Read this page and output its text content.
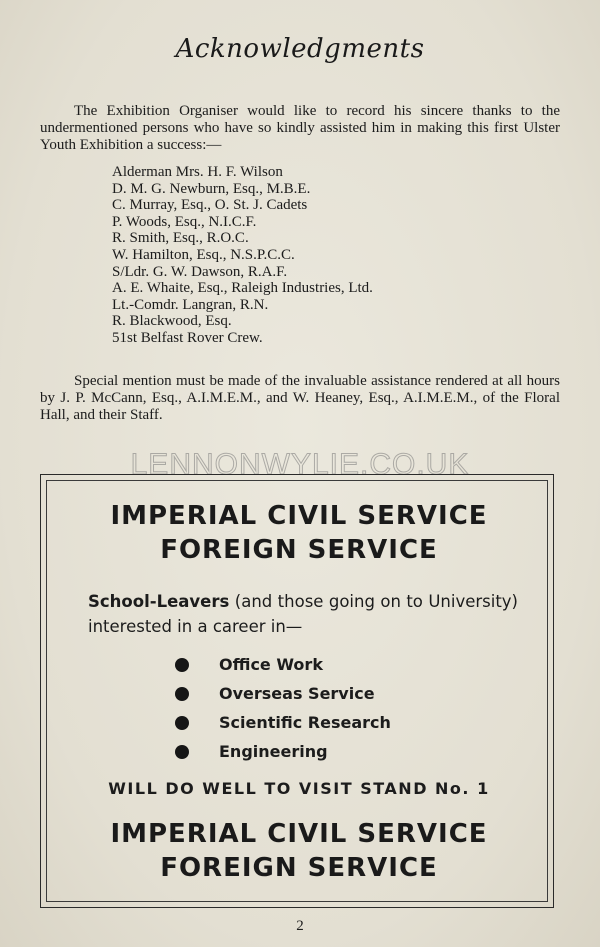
Acknowledgments

The Exhibition Organiser would like to record his sincere thanks to the undermentioned persons who have so kindly assisted him in making this first Ulster Youth Exhibition a success:—

Alderman Mrs. H. F. Wilson
D. M. G. Newburn, Esq., M.B.E.
C. Murray, Esq., O. St. J. Cadets
P. Woods, Esq., N.I.C.F.
R. Smith, Esq., R.O.C.
W. Hamilton, Esq., N.S.P.C.C.
S/Ldr. G. W. Dawson, R.A.F.
A. E. Whaite, Esq., Raleigh Industries, Ltd.
Lt.-Comdr. Langran, R.N.
R. Blackwood, Esq.
51st Belfast Rover Crew.

Special mention must be made of the invaluable assistance rendered at all hours by J. P. McCann, Esq., A.I.M.E.M., and W. Heaney, Esq., A.I.M.E.M., of the Floral Hall, and their Staff.

LENNONWYLIE.CO.UK
IMPERIAL CIVIL SERVICE
FOREIGN SERVICE
School-Leavers (and those going on to University) interested in a career in—
Office Work
Overseas Service
Scientific Research
Engineering
WILL DO WELL TO VISIT STAND No. 1
IMPERIAL CIVIL SERVICE
FOREIGN SERVICE
2
